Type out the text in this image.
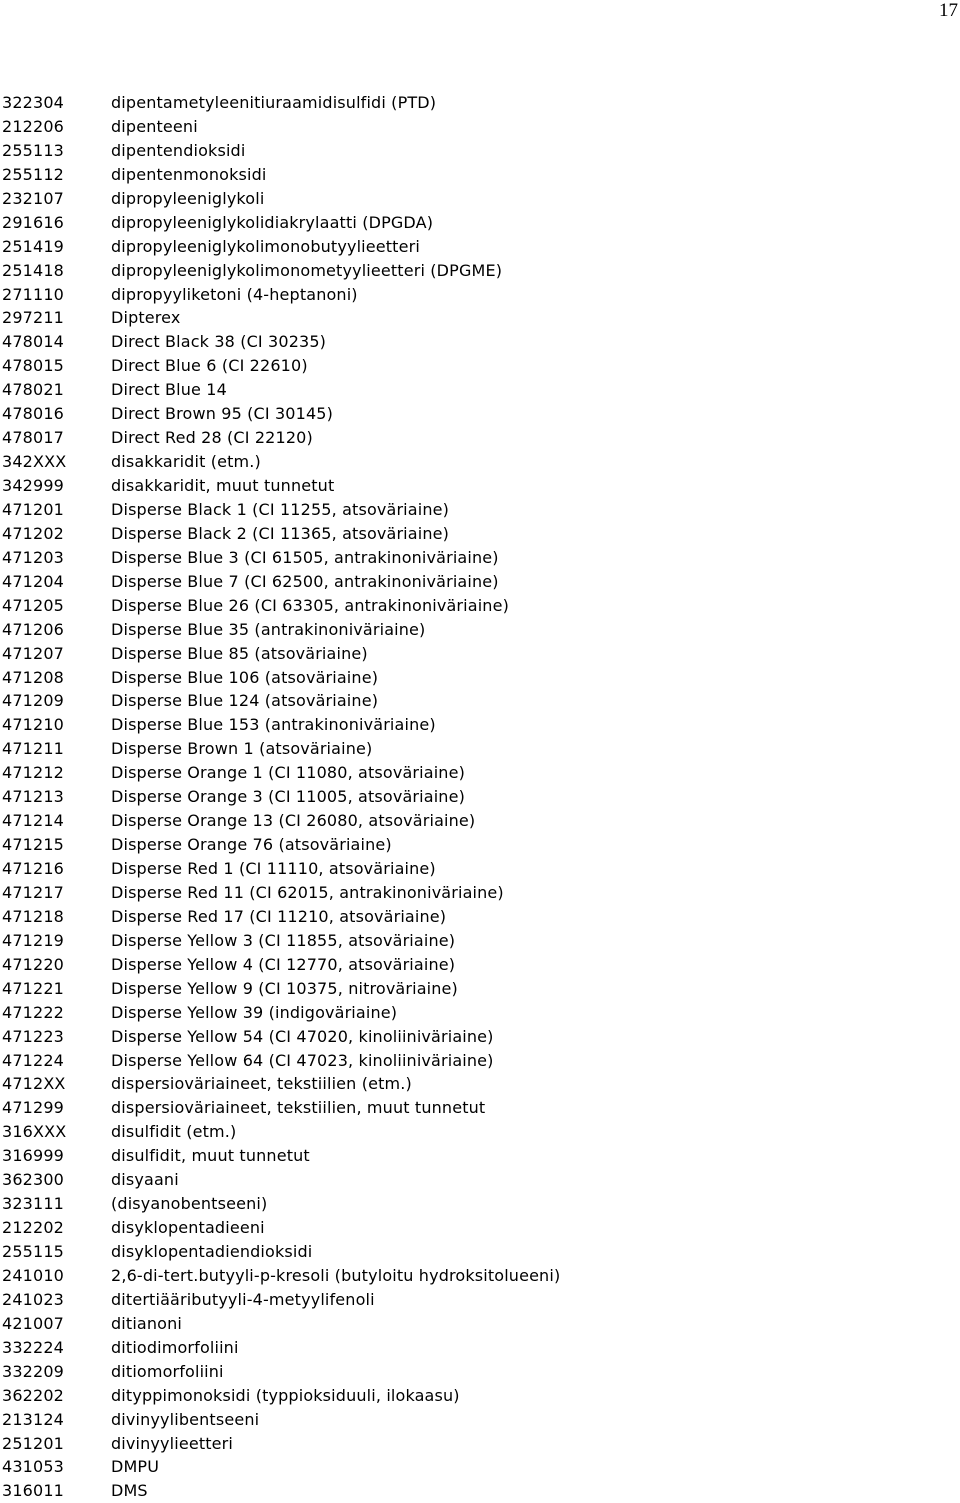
17
322304	dipentametyleenitiuraamidisulfidi (PTD)
212206	dipenteeni
255113	dipentendioksidi
255112	dipentenmonoksidi
232107	dipropyleeniglykoli
291616	dipropyleeniglykolidiakrylaatti (DPGDA)
251419	dipropyleeniglykolimonobutyylieetteri
251418	dipropyleeniglykolimonometyylieetteri (DPGME)
271110	dipropyyliketoni (4-heptanoni)
297211	Dipterex
478014	Direct Black 38 (CI 30235)
478015	Direct Blue 6 (CI 22610)
478021	Direct Blue 14
478016	Direct Brown 95 (CI 30145)
478017	Direct Red 28 (CI 22120)
342XXX	disakkaridit (etm.)
342999	disakkaridit, muut tunnetut
471201	Disperse Black 1 (CI 11255, atsoväriaine)
471202	Disperse Black 2 (CI 11365, atsoväriaine)
471203	Disperse Blue 3 (CI 61505, antrakinoniväriaine)
471204	Disperse Blue 7 (CI 62500, antrakinoniväriaine)
471205	Disperse Blue 26 (CI 63305, antrakinoniväriaine)
471206	Disperse Blue 35 (antrakinoniväriaine)
471207	Disperse Blue 85 (atsoväriaine)
471208	Disperse Blue 106 (atsoväriaine)
471209	Disperse Blue 124 (atsoväriaine)
471210	Disperse Blue 153 (antrakinoniväriaine)
471211	Disperse Brown 1 (atsoväriaine)
471212	Disperse Orange 1 (CI 11080, atsoväriaine)
471213	Disperse Orange 3 (CI 11005, atsoväriaine)
471214	Disperse Orange 13 (CI 26080, atsoväriaine)
471215	Disperse Orange 76 (atsoväriaine)
471216	Disperse Red 1 (CI 11110, atsoväriaine)
471217	Disperse Red 11 (CI 62015, antrakinoniväriaine)
471218	Disperse Red 17 (CI 11210, atsoväriaine)
471219	Disperse Yellow 3 (CI 11855, atsoväriaine)
471220	Disperse Yellow 4 (CI 12770, atsoväriaine)
471221	Disperse Yellow 9 (CI 10375, nitroväriaine)
471222	Disperse Yellow 39 (indigoväriaine)
471223	Disperse Yellow 54 (CI 47020, kinoliiniväriaine)
471224	Disperse Yellow 64 (CI 47023, kinoliiniväriaine)
4712XX	dispersioväriaineet, tekstiilien (etm.)
471299	dispersioväriaineet, tekstiilien, muut tunnetut
316XXX	disulfidit (etm.)
316999	disulfidit, muut tunnetut
362300	disyaani
323111	(disyanobentseeni)
212202	disyklopentadieeni
255115	disyklopentadiendioksidi
241010	2,6-di-tert.butyyli-p-kresoli (butyloitu hydroksitolueeni)
241023	ditertiääributyyli-4-metyylifenoli
421007	ditianoni
332224	ditiodimorfoliini
332209	ditiomorfoliini
362202	dityppimonoksidi (typpioksiduuli, ilokaasu)
213124	divinyylibentseeni
251201	divinyylieetteri
431053	DMPU
316011	DMS
